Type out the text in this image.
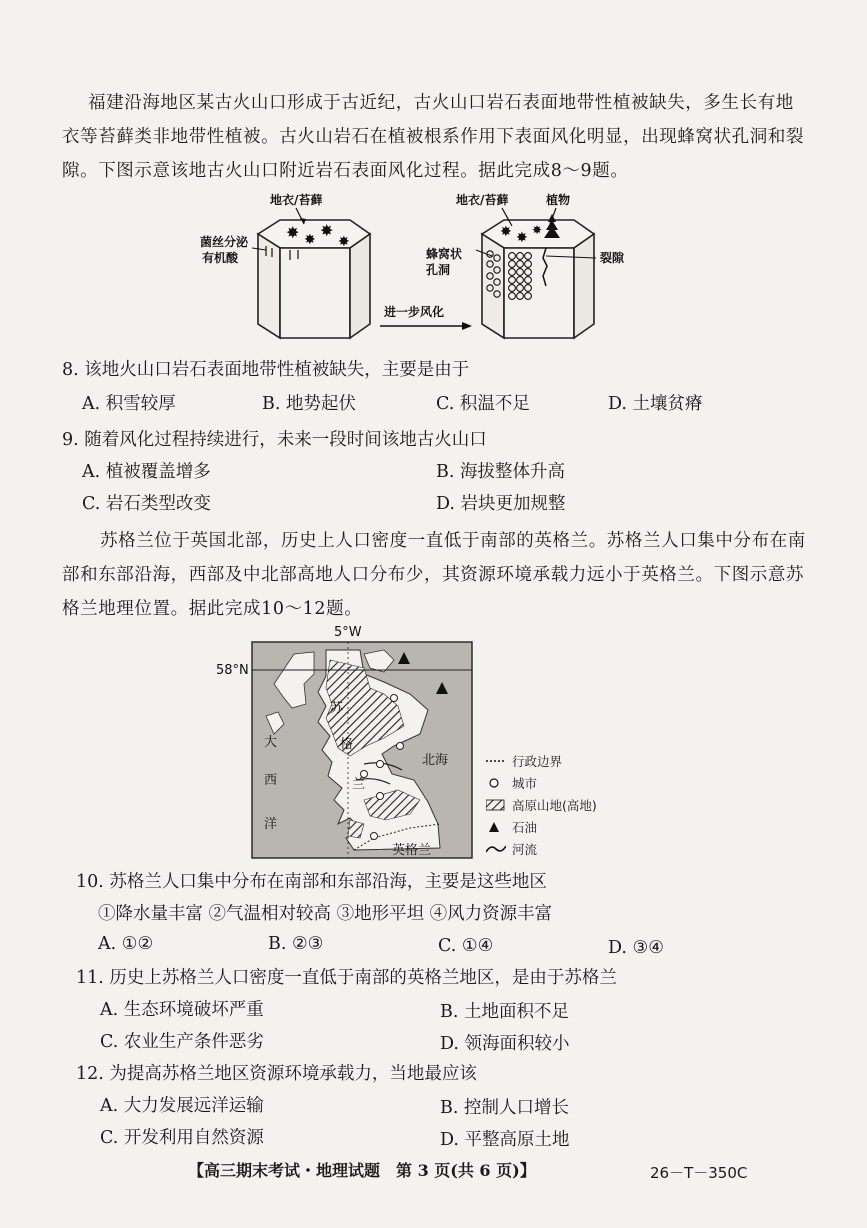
福建沿海地区某古火山口形成于古近纪，古火山口岩石表面地带性植被缺失，多生长有地
衣等苔藓类非地带性植被。古火山岩石在植被根系作用下表面风化明显，出现蜂窝状孔洞和裂
隙。下图示意该地古火山口附近岩石表面风化过程。据此完成8～9题。
✸ ✸ ✸
✸
地衣/苔藓
菌丝分泌
有机酸
进一步风化
✸ ✸ ✸
地衣/苔藓	植物
蜂窝状
孔洞
裂隙
8. 该地火山口岩石表面地带性植被缺失，主要是由于
A. 积雪较厚	B. 地势起伏	C. 积温不足	D. 土壤贫瘠
9. 随着风化过程持续进行，未来一段时间该地古火山口
A. 植被覆盖增多	B. 海拔整体升高
C. 岩石类型改变	D. 岩块更加规整
苏格兰位于英国北部，历史上人口密度一直低于南部的英格兰。苏格兰人口集中分布在南
部和东部沿海，西部及中北部高地人口分布少，其资源环境承载力远小于英格兰。下图示意苏
格兰地理位置。据此完成10～12题。
5°W
58°N
北海
大
西
洋
苏
格
兰
英格兰
行政边界
城市
高原山地(高地)
石油
河流
10. 苏格兰人口集中分布在南部和东部沿海，主要是这些地区
①降水量丰富 ②气温相对较高 ③地形平坦 ④风力资源丰富
A. ①②	B. ②③	C. ①④	D. ③④
11. 历史上苏格兰人口密度一直低于南部的英格兰地区，是由于苏格兰
A. 生态环境破坏严重	B. 土地面积不足
C. 农业生产条件恶劣	D. 领海面积较小
12. 为提高苏格兰地区资源环境承载力，当地最应该
A. 大力发展远洋运输	B. 控制人口增长
C. 开发利用自然资源	D. 平整高原土地
【高三期末考试・地理试题　第 3 页(共 6 页)】	26－T－350C
